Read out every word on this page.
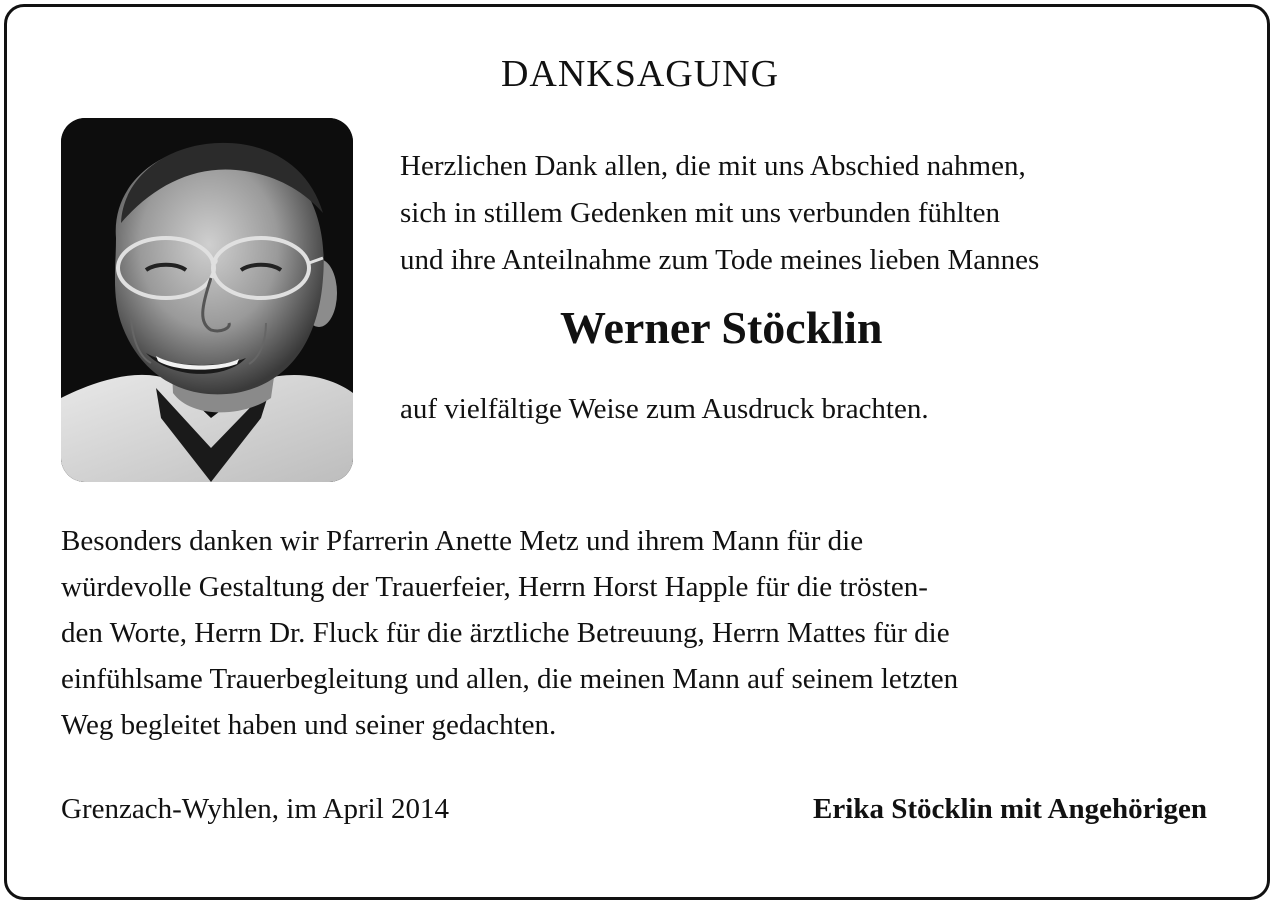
DANKSAGUNG
Herzlichen Dank allen, die mit uns Abschied nahmen,
sich in stillem Gedenken mit uns verbunden fühlten
und ihre Anteilnahme zum Tode meines lieben Mannes
Werner Stöcklin
auf vielfältige Weise zum Ausdruck brachten.
Besonders danken wir Pfarrerin Anette Metz und ihrem Mann für die
würdevolle Gestaltung der Trauerfeier, Herrn Horst Happle für die trösten-
den Worte, Herrn Dr. Fluck für die ärztliche Betreuung, Herrn Mattes für die
einfühlsame Trauerbegleitung und allen, die meinen Mann auf seinem letzten
Weg begleitet haben und seiner gedachten.
Grenzach-Wyhlen, im April 2014	Erika Stöcklin mit Angehörigen
